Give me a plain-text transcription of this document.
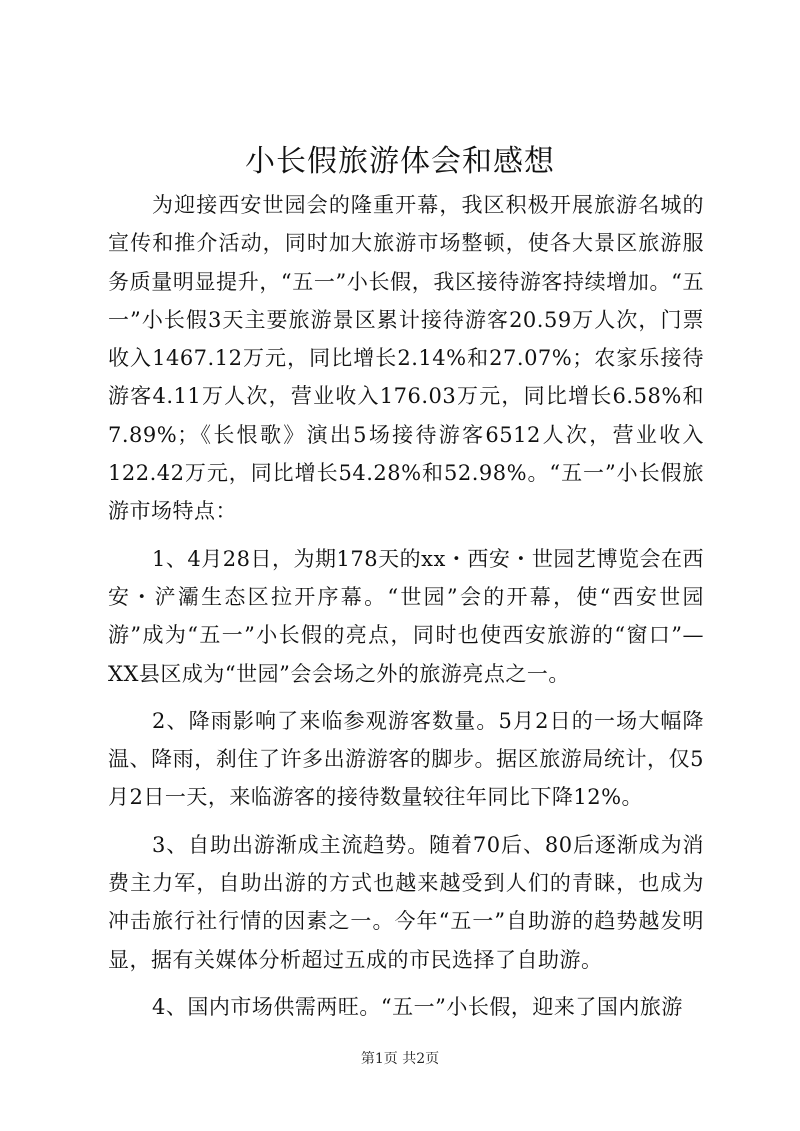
小长假旅游体会和感想

为迎接西安世园会的隆重开幕，我区积极开展旅游名城的宣传和推介活动，同时加大旅游市场整顿，使各大景区旅游服务质量明显提升，“五一”小长假，我区接待游客持续增加。“五一”小长假3天主要旅游景区累计接待游客20.59万人次，门票收入1467.12万元，同比增长2.14%和27.07%；农家乐接待游客4.11万人次，营业收入176.03万元，同比增长6.58%和7.89%；《长恨歌》演出5场接待游客6512人次，营业收入122.42万元，同比增长54.28%和52.98%。“五一”小长假旅游市场特点：

1、4月28日，为期178天的xx・西安・世园艺博览会在西安・浐灞生态区拉开序幕。“世园”会的开幕，使“西安世园游”成为“五一”小长假的亮点，同时也使西安旅游的“窗口”—XX县区成为“世园”会会场之外的旅游亮点之一。

2、降雨影响了来临参观游客数量。5月2日的一场大幅降温、降雨，刹住了许多出游游客的脚步。据区旅游局统计，仅5月2日一天，来临游客的接待数量较往年同比下降12%。

3、自助出游渐成主流趋势。随着70后、80后逐渐成为消费主力军，自助出游的方式也越来越受到人们的青睐，也成为冲击旅行社行情的因素之一。今年“五一”自助游的趋势越发明显，据有关媒体分析超过五成的市民选择了自助游。

4、国内市场供需两旺。“五一”小长假，迎来了国内旅游

第1页 共2页
